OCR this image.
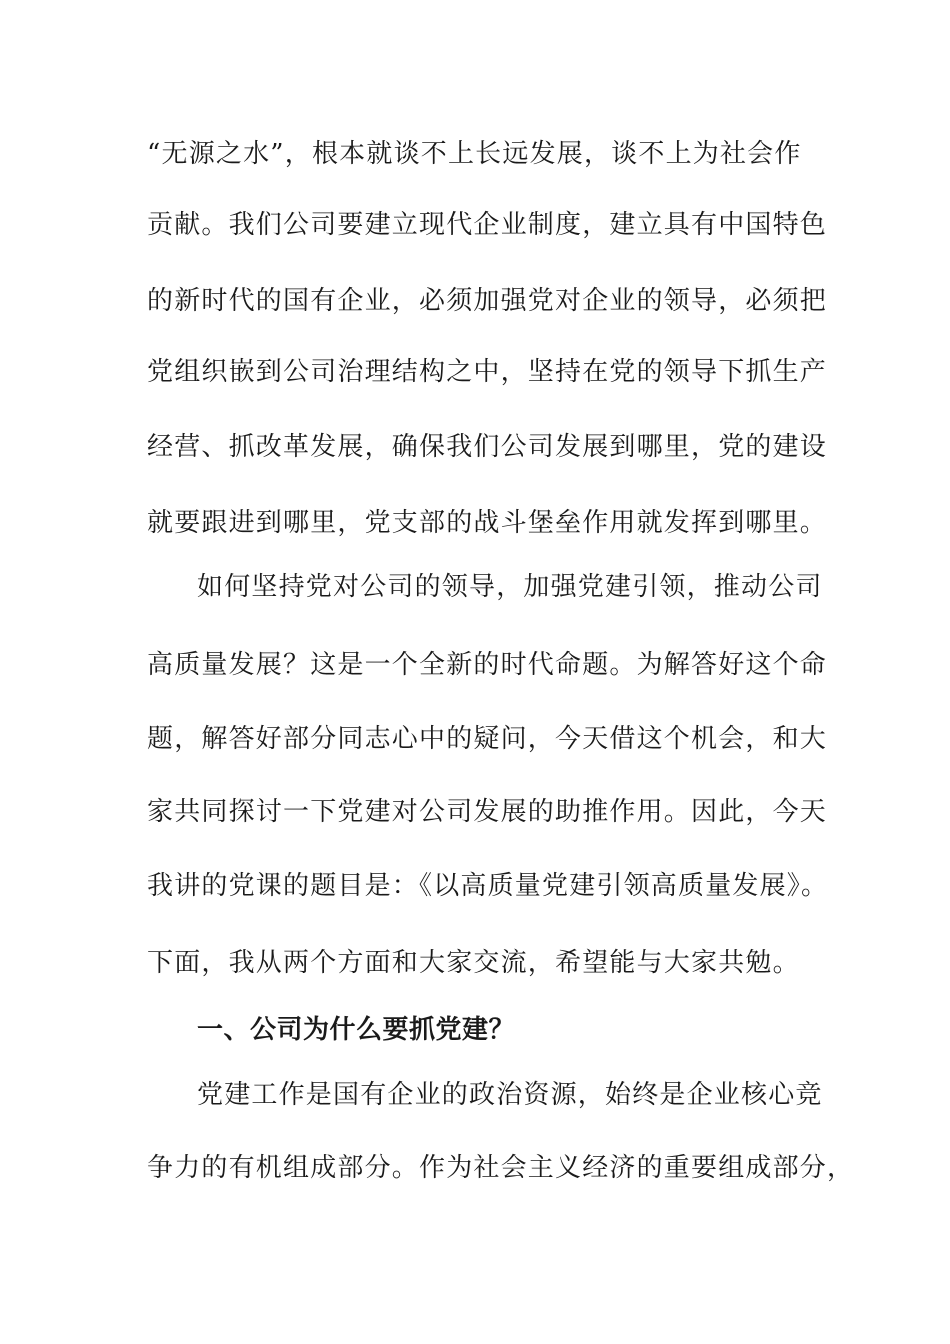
“无源之水”，根本就谈不上长远发展，谈不上为社会作
贡献。我们公司要建立现代企业制度，建立具有中国特色
的新时代的国有企业，必须加强党对企业的领导，必须把
党组织嵌到公司治理结构之中，坚持在党的领导下抓生产
经营、抓改革发展，确保我们公司发展到哪里，党的建设
就要跟进到哪里，党支部的战斗堡垒作用就发挥到哪里。
如何坚持党对公司的领导，加强党建引领，推动公司
高质量发展？这是一个全新的时代命题。为解答好这个命
题，解答好部分同志心中的疑问，今天借这个机会，和大
家共同探讨一下党建对公司发展的助推作用。因此，今天
我讲的党课的题目是：《以高质量党建引领高质量发展》。
下面，我从两个方面和大家交流，希望能与大家共勉。
一、公司为什么要抓党建？
党建工作是国有企业的政治资源，始终是企业核心竞
争力的有机组成部分。作为社会主义经济的重要组成部分，
